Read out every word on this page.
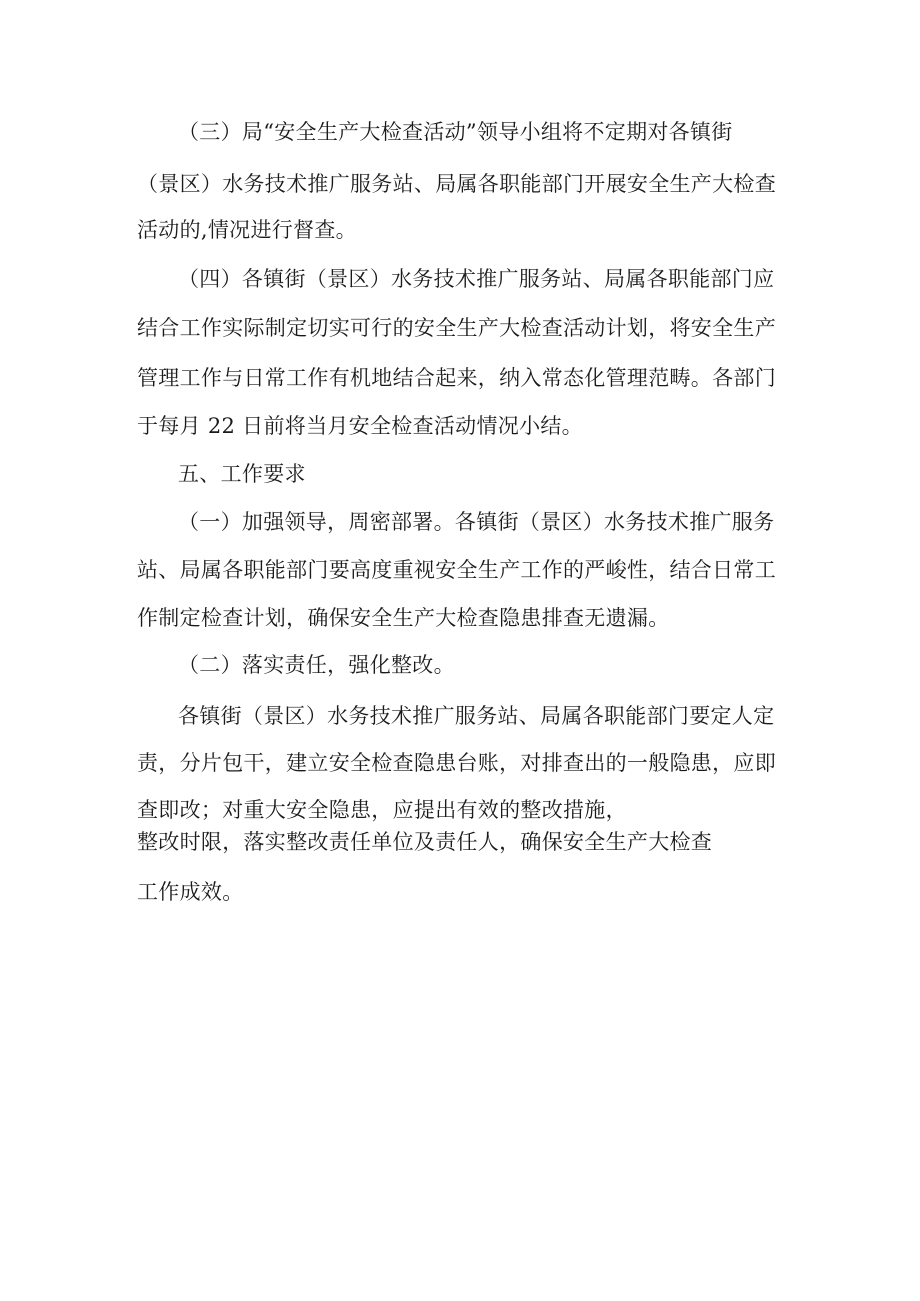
（三）局“安全生产大检查活动”领导小组将不定期对各镇街
（景区）水务技术推广服务站、局属各职能部门开展安全生产大检查
活动的,情况进行督查。
（四）各镇街（景区）水务技术推广服务站、局属各职能部门应
结合工作实际制定切实可行的安全生产大检查活动计划，将安全生产
管理工作与日常工作有机地结合起来，纳入常态化管理范畴。各部门
于每月 22 日前将当月安全检查活动情况小结。
五、工作要求
（一）加强领导，周密部署。各镇街（景区）水务技术推广服务
站、局属各职能部门要高度重视安全生产工作的严峻性，结合日常工
作制定检查计划，确保安全生产大检查隐患排查无遗漏。
（二）落实责任，强化整改。
各镇街（景区）水务技术推广服务站、局属各职能部门要定人定
责，分片包干，建立安全检查隐患台账，对排查出的一般隐患，应即
查即改；对重大安全隐患，应提出有效的整改措施，
整改时限，落实整改责任单位及责任人，确保安全生产大检查
工作成效。
